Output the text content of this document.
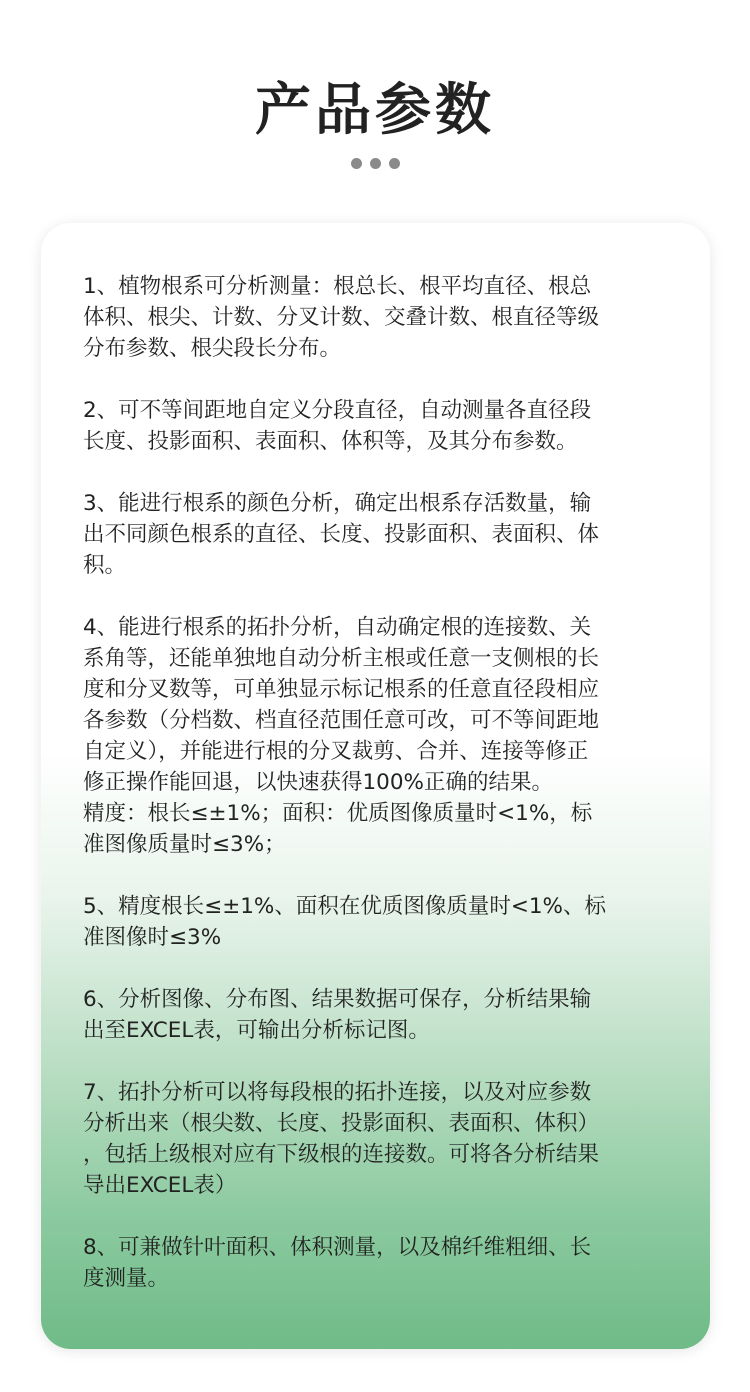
产品参数
1、植物根系可分析测量：根总长、根平均直径、根总
体积、根尖、计数、分叉计数、交叠计数、根直径等级
分布参数、根尖段长分布。
2、可不等间距地自定义分段直径，自动测量各直径段
长度、投影面积、表面积、体积等，及其分布参数。
3、能进行根系的颜色分析，确定出根系存活数量，输
出不同颜色根系的直径、长度、投影面积、表面积、体
积。
4、能进行根系的拓扑分析，自动确定根的连接数、关
系角等，还能单独地自动分析主根或任意一支侧根的长
度和分叉数等，可单独显示标记根系的任意直径段相应
各参数（分档数、档直径范围任意可改，可不等间距地
自定义），并能进行根的分叉裁剪、合并、连接等修正
修正操作能回退，以快速获得100%正确的结果。
精度：根长≤±1%；面积：优质图像质量时<1%，标
准图像质量时≤3%；
5、精度根长≤±1%、面积在优质图像质量时<1%、标
准图像时≤3%
6、分析图像、分布图、结果数据可保存，分析结果输
出至EXCEL表，可输出分析标记图。
7、拓扑分析可以将每段根的拓扑连接，以及对应参数
分析出来（根尖数、长度、投影面积、表面积、体积）
，包括上级根对应有下级根的连接数。可将各分析结果
导出EXCEL表）
8、可兼做针叶面积、体积测量，以及棉纤维粗细、长
度测量。
